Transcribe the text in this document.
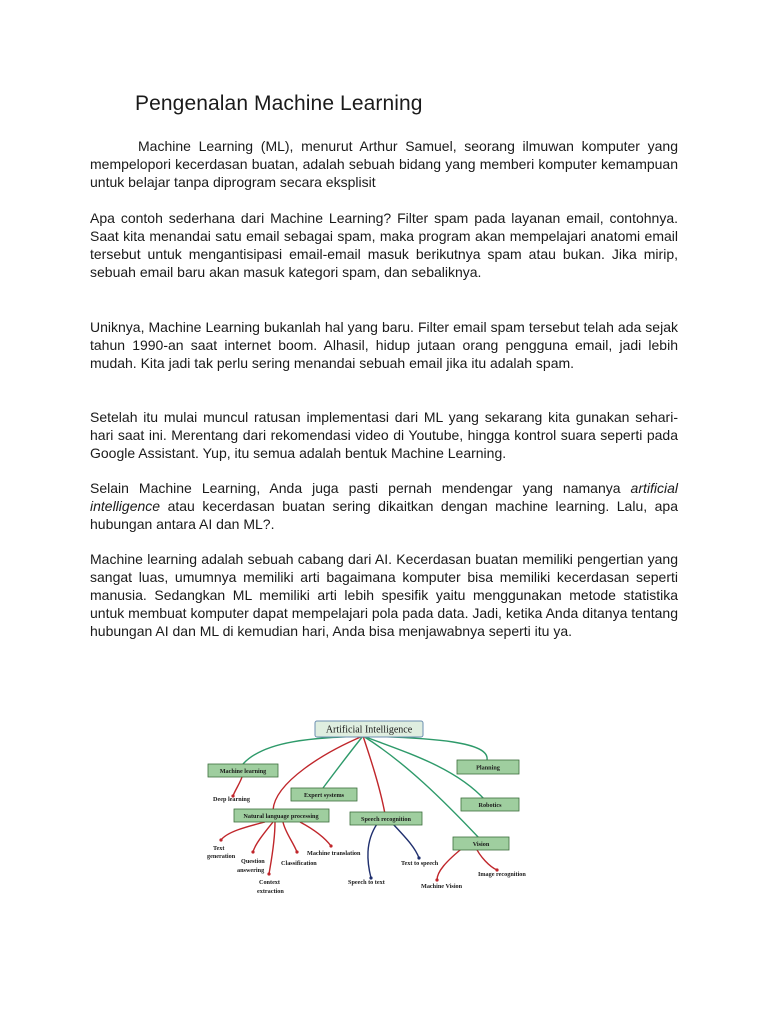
Pengenalan Machine Learning

Machine Learning (ML), menurut Arthur Samuel, seorang ilmuwan komputer yang mempelopori kecerdasan buatan, adalah sebuah bidang yang memberi komputer kemampuan untuk belajar tanpa diprogram secara eksplisit

Apa contoh sederhana dari Machine Learning? Filter spam pada layanan email, contohnya. Saat kita menandai satu email sebagai spam, maka program akan mempelajari anatomi email tersebut untuk mengantisipasi email-email masuk berikutnya spam atau bukan. Jika mirip, sebuah email baru akan masuk kategori spam, dan sebaliknya.

Uniknya, Machine Learning bukanlah hal yang baru. Filter email spam tersebut telah ada sejak tahun 1990-an saat internet boom. Alhasil, hidup jutaan orang pengguna email, jadi lebih mudah. Kita jadi tak perlu sering menandai sebuah email jika itu adalah spam.

Setelah itu mulai muncul ratusan implementasi dari ML yang sekarang kita gunakan sehari-hari saat ini. Merentang dari rekomendasi video di Youtube, hingga kontrol suara seperti pada Google Assistant. Yup, itu semua adalah bentuk Machine Learning.

Selain Machine Learning, Anda juga pasti pernah mendengar yang namanya artificial intelligence atau kecerdasan buatan sering dikaitkan dengan machine learning. Lalu, apa hubungan antara AI dan ML?.

Machine learning adalah sebuah cabang dari AI. Kecerdasan buatan memiliki pengertian yang sangat luas, umumnya memiliki arti bagaimana komputer bisa memiliki kecerdasan seperti manusia. Sedangkan ML memiliki arti lebih spesifik yaitu menggunakan metode statistika untuk membuat komputer dapat mempelajari pola pada data. Jadi, ketika Anda ditanya tentang hubungan AI dan ML di kemudian hari, Anda bisa menjawabnya seperti itu ya.

Artificial Intelligence
Machine learning
Expert systems
Natural language processing	Speech recognition
Planning
Robotics
Vision
Deep learning
Text
generation
Question
answering
Classification
Machine translation
Context
extraction
Speech to text
Text to speech
Image recognition
Machine Vision
